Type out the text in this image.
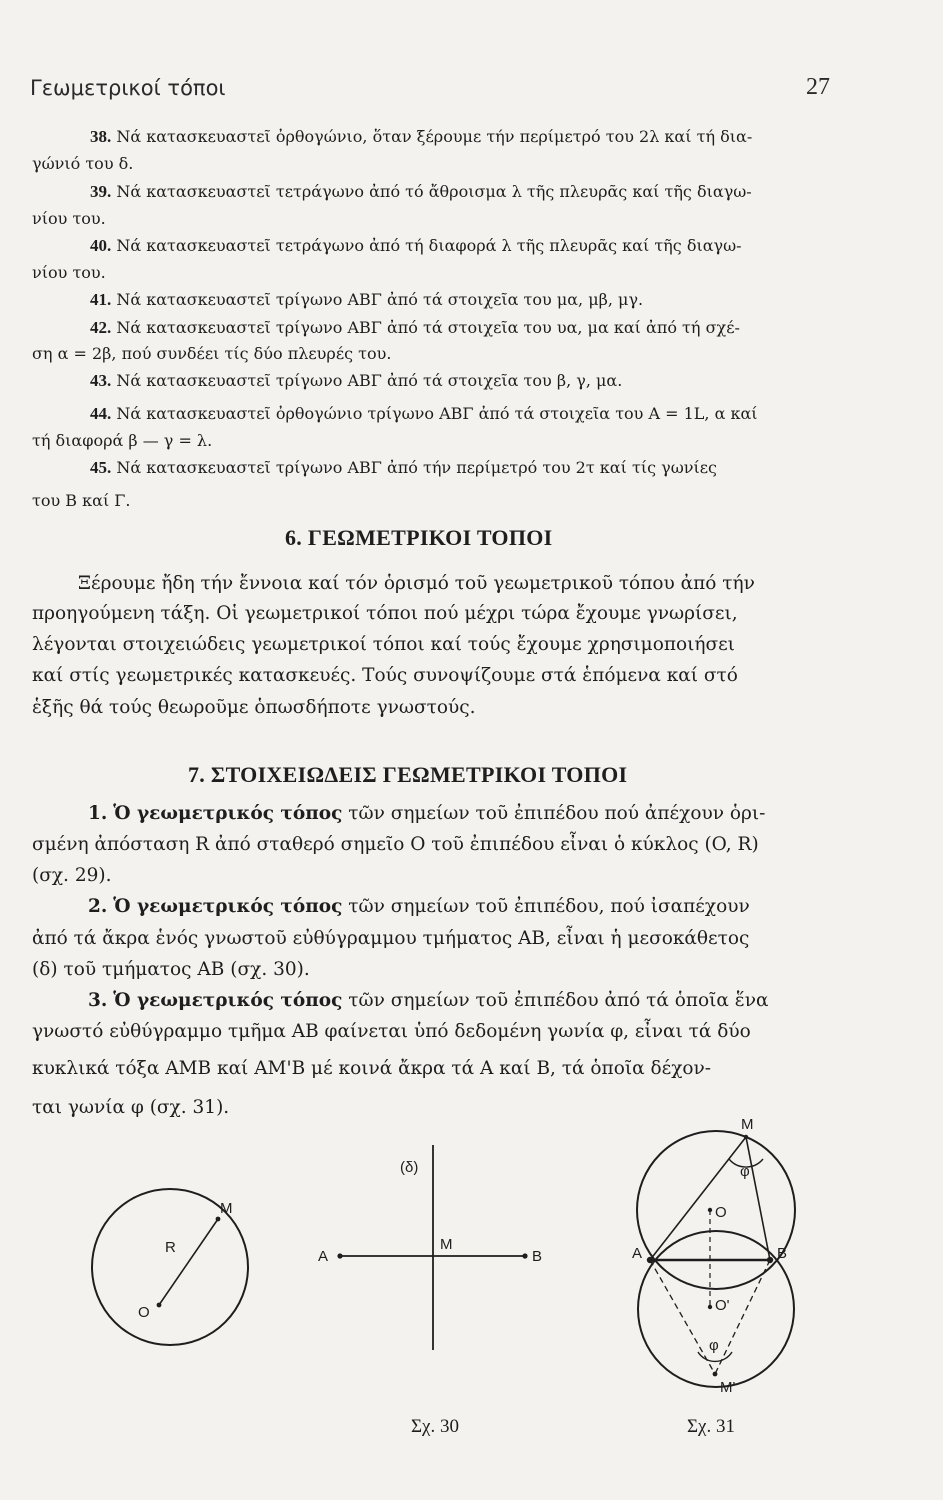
Γεωμετρικοί τόποι	27
38. Νά κατασκευαστεῖ ὀρθογώνιο, ὅταν ξέρουμε τήν περίμετρό του 2λ καί τή δια-
γώνιό του δ.
39. Νά κατασκευαστεῖ τετράγωνο ἀπό τό ἄθροισμα λ τῆς πλευρᾶς καί τῆς διαγω-
νίου του.
40. Νά κατασκευαστεῖ τετράγωνο ἀπό τή διαφορά λ τῆς πλευρᾶς καί τῆς διαγω-
νίου του.
41. Νά κατασκευαστεῖ τρίγωνο ΑΒΓ ἀπό τά στοιχεῖα του μα, μβ, μγ.
42. Νά κατασκευαστεῖ τρίγωνο ΑΒΓ ἀπό τά στοιχεῖα του υα, μα καί ἀπό τή σχέ-
ση α = 2β, πού συνδέει τίς δύο πλευρές του.
43. Νά κατασκευαστεῖ τρίγωνο ΑΒΓ ἀπό τά στοιχεῖα του β, γ, μα.
44. Νά κατασκευαστεῖ ὀρθογώνιο τρίγωνο ΑΒΓ ἀπό τά στοιχεῖα του Α = 1L, α καί
τή διαφορά β — γ = λ.
45. Νά κατασκευαστεῖ τρίγωνο ΑΒΓ ἀπό τήν περίμετρό του 2τ καί τίς γωνίες
του Β καί Γ.
6. ΓΕΩΜΕΤΡΙΚΟΙ ΤΟΠΟΙ
Ξέρουμε ἤδη τήν ἔννοια καί τόν ὁρισμό τοῦ γεωμετρικοῦ τόπου ἀπό τήν
προηγούμενη τάξη. Οἱ γεωμετρικοί τόποι πού μέχρι τώρα ἔχουμε γνωρίσει,
λέγονται στοιχειώδεις γεωμετρικοί τόποι καί τούς ἔχουμε χρησιμοποιήσει
καί στίς γεωμετρικές κατασκευές. Τούς συνοψίζουμε στά ἑπόμενα καί στό
ἑξῆς θά τούς θεωροῦμε ὁπωσδήποτε γνωστούς.
7. ΣΤΟΙΧΕΙΩΔΕΙΣ ΓΕΩΜΕΤΡΙΚΟΙ ΤΟΠΟΙ
1. Ὁ γεωμετρικός τόπος τῶν σημείων τοῦ ἐπιπέδου πού ἀπέχουν ὁρι-
σμένη ἀπόσταση R ἀπό σταθερό σημεῖο Ο τοῦ ἐπιπέδου εἶναι ὁ κύκλος (O, R)
(σχ. 29).
2. Ὁ γεωμετρικός τόπος τῶν σημείων τοῦ ἐπιπέδου, πού ἰσαπέχουν
ἀπό τά ἄκρα ἑνός γνωστοῦ εὐθύγραμμου τμήματος ΑΒ, εἶναι ἡ μεσοκάθετος
(δ) τοῦ τμήματος ΑΒ (σχ. 30).
3. Ὁ γεωμετρικός τόπος τῶν σημείων τοῦ ἐπιπέδου ἀπό τά ὁποῖα ἕνα
γνωστό εὐθύγραμμο τμῆμα ΑΒ φαίνεται ὑπό δεδομένη γωνία φ, εἶναι τά δύο
κυκλικά τόξα ΑΜΒ καί ΑΜ'Β μέ κοινά ἄκρα τά Α καί Β, τά ὁποῖα δέχον-
ται γωνία φ (σχ. 31).
O
R
M
(δ)
A	B
M
Σχ. 30
M
φ
O
A	B
O'
φ
M'
Σχ. 31
